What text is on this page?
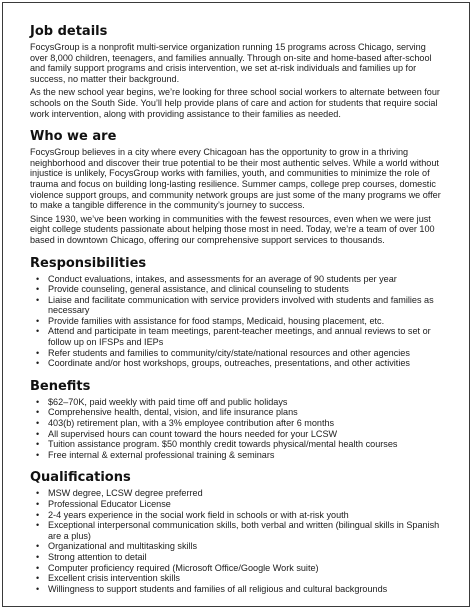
Job details

FocysGroup is a nonprofit multi-service organization running 15 programs across Chicago, serving over 8,000 children, teenagers, and families annually. Through on-site and home-based after-school and family support programs and crisis intervention, we set at-risk individuals and families up for success, no matter their background.

As the new school year begins, we’re looking for three school social workers to alternate between four schools on the South Side. You’ll help provide plans of care and action for students that require social work intervention, along with providing assistance to their families as needed.

Who we are

FocysGroup believes in a city where every Chicagoan has the opportunity to grow in a thriving neighborhood and discover their true potential to be their most authentic selves. While a world without injustice is unlikely, FocysGroup works with families, youth, and communities to minimize the role of trauma and focus on building long-lasting resilience. Summer camps, college prep courses, domestic violence support groups, and community network groups are just some of the many programs we offer to make a tangible difference in the community’s journey to success.

Since 1930, we’ve been working in communities with the fewest resources, even when we were just eight college students passionate about helping those most in need. Today, we’re a team of over 100 based in downtown Chicago, offering our comprehensive support services to thousands.

Responsibilities
• Conduct evaluations, intakes, and assessments for an average of 90 students per year
• Provide counseling, general assistance, and clinical counseling to students
• Liaise and facilitate communication with service providers involved with students and families as necessary
• Provide families with assistance for food stamps, Medicaid, housing placement, etc.
• Attend and participate in team meetings, parent-teacher meetings, and annual reviews to set or follow up on IFSPs and IEPs
• Refer students and families to community/city/state/national resources and other agencies
• Coordinate and/or host workshops, groups, outreaches, presentations, and other activities
Benefits
• $62–70K, paid weekly with paid time off and public holidays
• Comprehensive health, dental, vision, and life insurance plans
• 403(b) retirement plan, with a 3% employee contribution after 6 months
• All supervised hours can count toward the hours needed for your LCSW
• Tuition assistance program. $50 monthly credit towards physical/mental health courses
• Free internal & external professional training & seminars
Qualifications
• MSW degree, LCSW degree preferred
• Professional Educator License
• 2-4 years experience in the social work field in schools or with at-risk youth
• Exceptional interpersonal communication skills, both verbal and written (bilingual skills in Spanish are a plus)
• Organizational and multitasking skills
• Strong attention to detail
• Computer proficiency required (Microsoft Office/Google Work suite)
• Excellent crisis intervention skills
• Willingness to support students and families of all religious and cultural backgrounds
